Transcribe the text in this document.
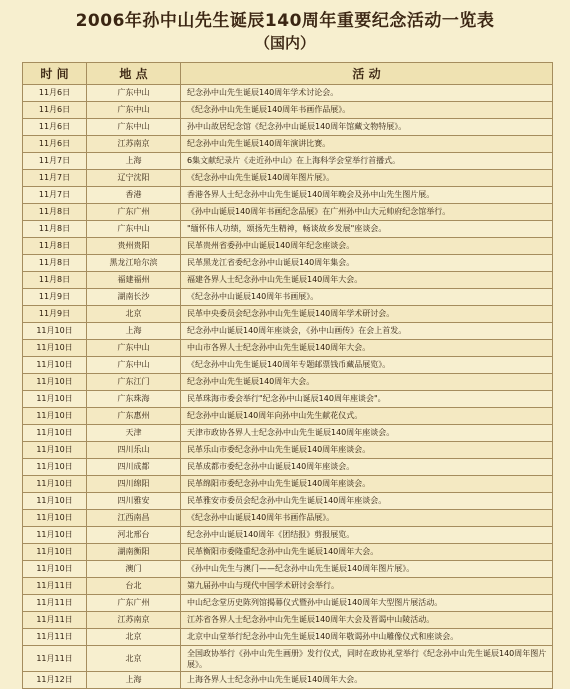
2006年孙中山先生诞辰140周年重要纪念活动一览表
（国内）
时 间	地 点	活 动
11月6日	广东中山	纪念孙中山先生诞辰140周年学术讨论会。
11月6日	广东中山	《纪念孙中山先生诞辰140周年书画作品展》。
11月6日	广东中山	孙中山故居纪念馆《纪念孙中山诞辰140周年馆藏文物特展》。
11月6日	江苏南京	纪念孙中山先生诞辰140周年演讲比赛。
11月7日	上海	6集文献纪录片《走近孙中山》在上海科学会堂举行首播式。
11月7日	辽宁沈阳	《纪念孙中山先生诞辰140周年图片展》。
11月7日	香港	香港各界人士纪念孙中山先生诞辰140周年晚会及孙中山先生图片展。
11月8日	广东广州	《孙中山诞辰140周年书画纪念品展》在广州孙中山大元帅府纪念馆举行。
11月8日	广东中山	"缅怀伟人功绩，颂扬先生精神，畅谈故乡发展"座谈会。
11月8日	贵州贵阳	民革贵州省委孙中山诞辰140周年纪念座谈会。
11月8日	黑龙江哈尔滨	民革黑龙江省委纪念孙中山诞辰140周年集会。
11月8日	福建福州	福建各界人士纪念孙中山先生诞辰140周年大会。
11月9日	湖南长沙	《纪念孙中山诞辰140周年书画展》。
11月9日	北京	民革中央委员会纪念孙中山先生诞辰140周年学术研讨会。
11月10日	上海	纪念孙中山诞辰140周年座谈会，《孙中山画传》在会上首发。
11月10日	广东中山	中山市各界人士纪念孙中山先生诞辰140周年大会。
11月10日	广东中山	《纪念孙中山先生诞辰140周年专题邮票钱币藏品展览》。
11月10日	广东江门	纪念孙中山先生诞辰140周年大会。
11月10日	广东珠海	民革珠海市委会举行"纪念孙中山诞辰140周年座谈会"。
11月10日	广东惠州	纪念孙中山诞辰140周年向孙中山先生献花仪式。
11月10日	天津	天津市政协各界人士纪念孙中山先生诞辰140周年座谈会。
11月10日	四川乐山	民革乐山市委纪念孙中山先生诞辰140周年座谈会。
11月10日	四川成都	民革成都市委纪念孙中山诞辰140周年座谈会。
11月10日	四川绵阳	民革绵阳市委纪念孙中山先生诞辰140周年座谈会。
11月10日	四川雅安	民革雅安市委员会纪念孙中山先生诞辰140周年座谈会。
11月10日	江西南昌	《纪念孙中山诞辰140周年书画作品展》。
11月10日	河北邢台	纪念孙中山诞辰140周年《团结报》剪报展览。
11月10日	湖南衡阳	民革衡阳市委隆重纪念孙中山先生诞辰140周年大会。
11月10日	澳门	《孙中山先生与澳门——纪念孙中山先生诞辰140周年图片展》。
11月11日	台北	第九届孙中山与现代中国学术研讨会举行。
11月11日	广东广州	中山纪念堂历史陈列馆揭幕仪式暨孙中山诞辰140周年大型图片展活动。
11月11日	江苏南京	江苏省各界人士纪念孙中山先生诞辰140周年大会及晋谒中山陵活动。
11月11日	北京	北京中山堂举行纪念孙中山先生诞辰140周年敬谒孙中山雕像仪式和座谈会。
11月11日	北京	全国政协举行《孙中山先生画册》发行仪式，同时在政协礼堂举行《纪念孙中山先生诞辰140周年图片展》。
11月12日	上海	上海各界人士纪念孙中山先生诞辰140周年大会。
